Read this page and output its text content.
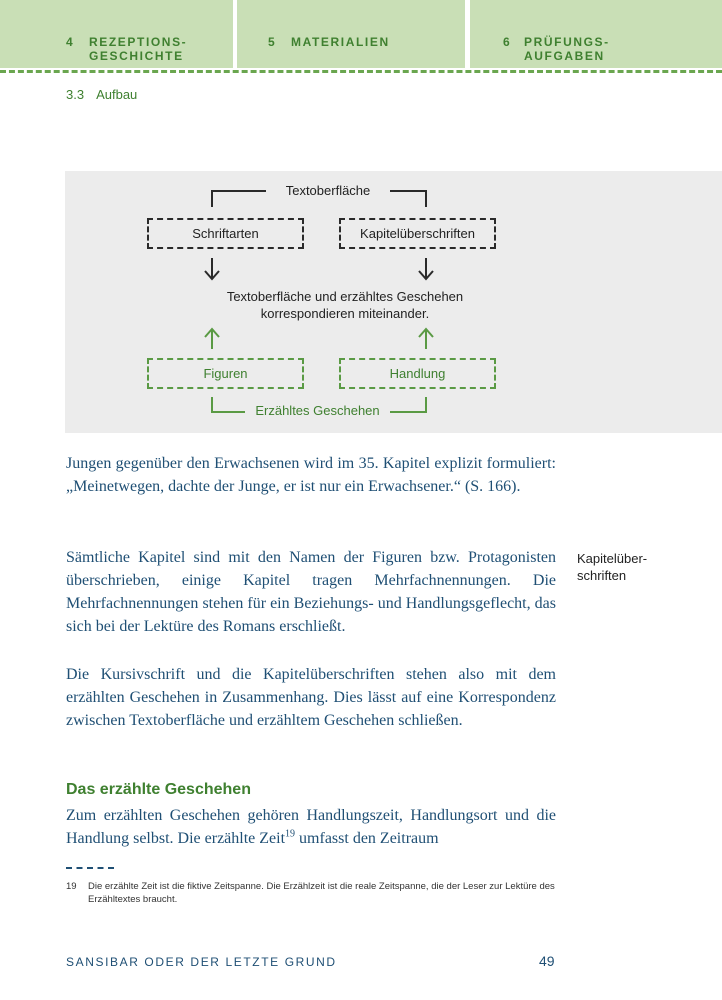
4 REZEPTIONS-
GESCHICHTE
5 MATERIALIEN	6 PRÜFUNGS-
AUFGABEN
3.3 Aufbau
Textoberfläche
Schriftarten	Kapitelüberschriften
Textoberfläche und erzähltes Geschehen
korrespondieren miteinander.
Figuren	Handlung
Erzähltes Geschehen

Jungen gegenüber den Erwachsenen wird im 35. Kapitel explizit formuliert: „Meinetwegen, dachte der Junge, er ist nur ein Erwachsener.“ (S. 166).

Sämtliche Kapitel sind mit den Namen der Figuren bzw. Protagonisten überschrieben, einige Kapitel tragen Mehrfachnennungen. Die Mehrfachnennungen stehen für ein Beziehungs- und Handlungsgeflecht, das sich bei der Lektüre des Romans erschließt.

Die Kursivschrift und die Kapitelüberschriften stehen also mit dem erzählten Geschehen in Zusammenhang. Dies lässt auf eine Korrespondenz zwischen Textoberfläche und erzähltem Geschehen schließen.

Kapitelüber-
schriften
Das erzählte Geschehen

Zum erzählten Geschehen gehören Handlungszeit, Handlungsort und die Handlung selbst. Die erzählte Zeit$^{19}$ umfasst den Zeitraum

19 Die erzählte Zeit ist die fiktive Zeitspanne. Die Erzählzeit ist die reale Zeitspanne, die der Leser zur Lektüre des Erzähltextes braucht.
SANSIBAR ODER DER LETZTE GRUND	49
